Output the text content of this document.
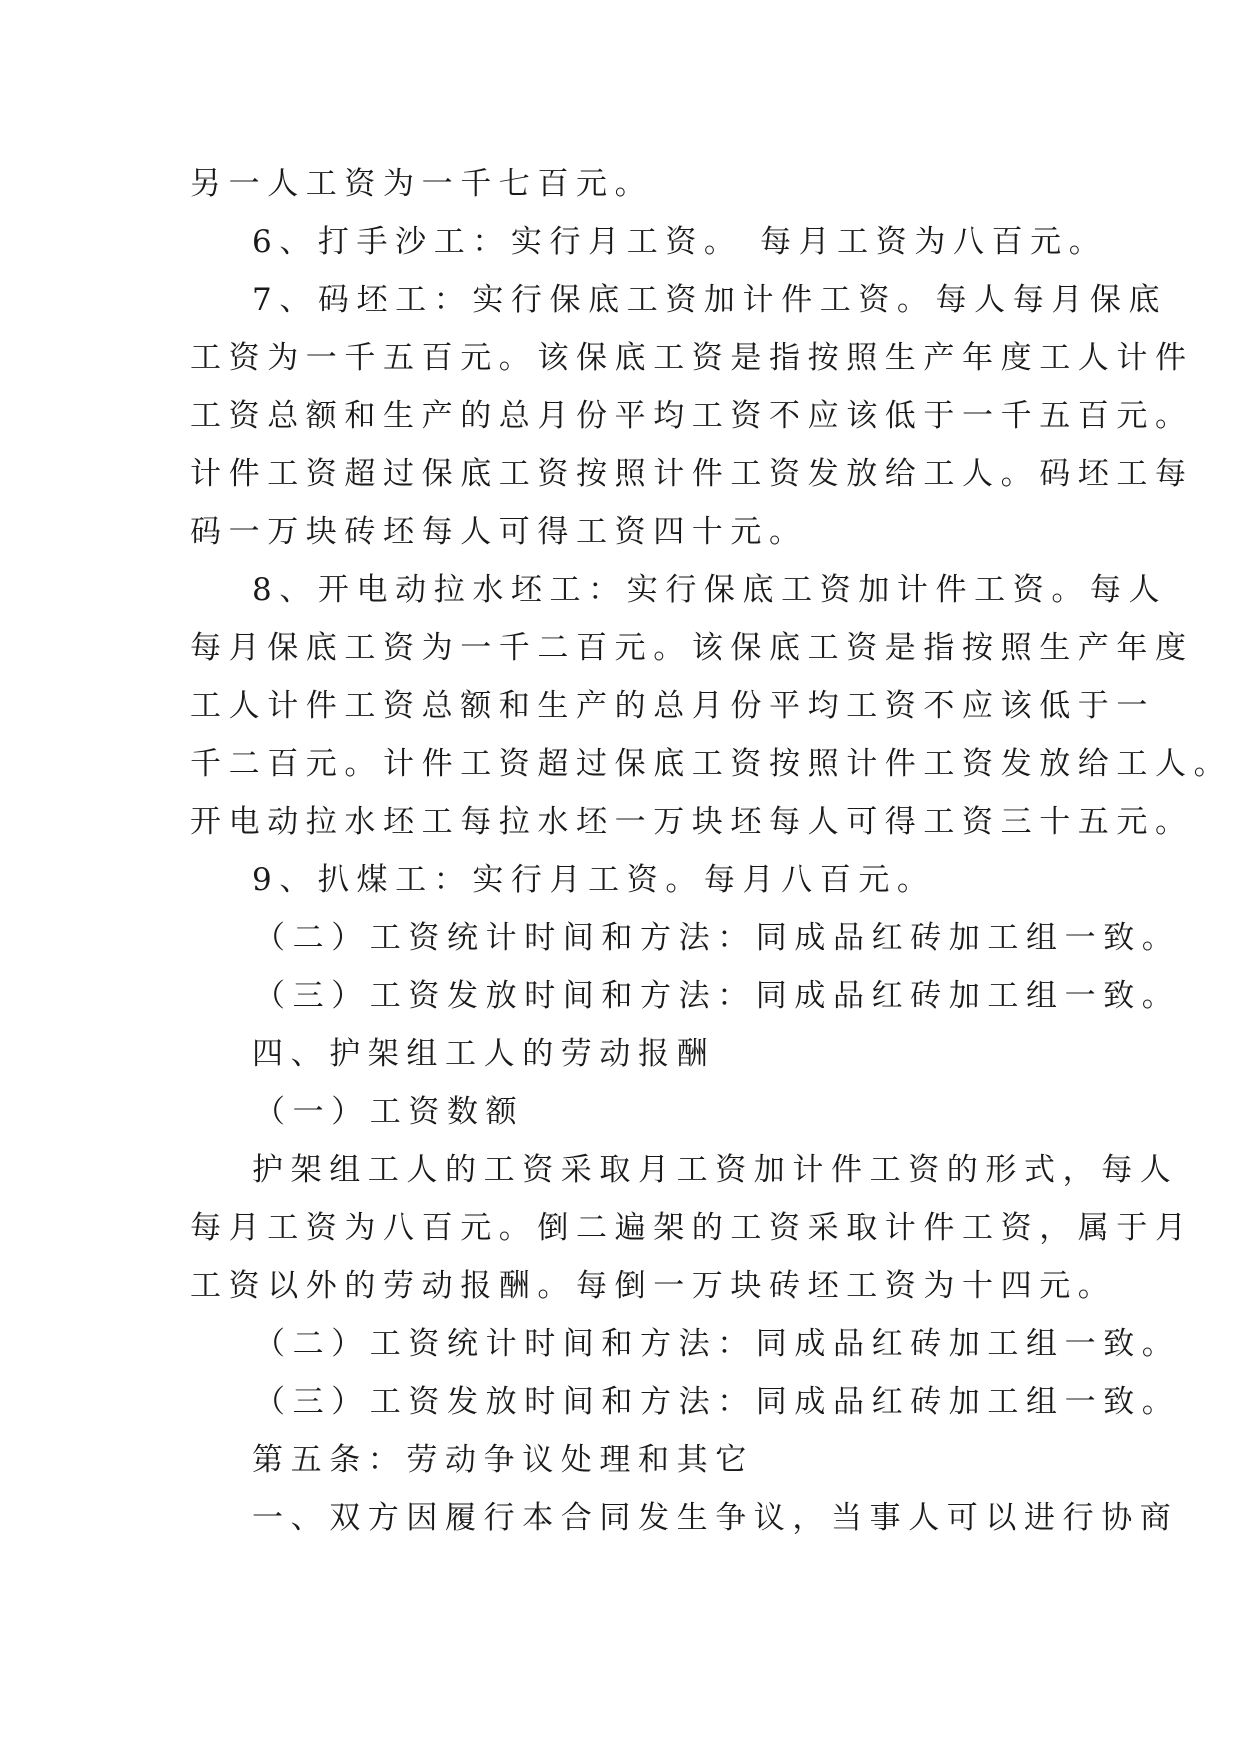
另一人工资为一千七百元。
6、打手沙工：实行月工资。 每月工资为八百元。
7、码坯工：实行保底工资加计件工资。每人每月保底
工资为一千五百元。该保底工资是指按照生产年度工人计件
工资总额和生产的总月份平均工资不应该低于一千五百元。
计件工资超过保底工资按照计件工资发放给工人。码坯工每
码一万块砖坯每人可得工资四十元。
8、开电动拉水坯工：实行保底工资加计件工资。每人
每月保底工资为一千二百元。该保底工资是指按照生产年度
工人计件工资总额和生产的总月份平均工资不应该低于一
千二百元。计件工资超过保底工资按照计件工资发放给工人。
开电动拉水坯工每拉水坯一万块坯每人可得工资三十五元。
9、扒煤工：实行月工资。每月八百元。
（二）工资统计时间和方法：同成品红砖加工组一致。
（三）工资发放时间和方法：同成品红砖加工组一致。
四、护架组工人的劳动报酬
（一）工资数额
护架组工人的工资采取月工资加计件工资的形式，每人
每月工资为八百元。倒二遍架的工资采取计件工资，属于月
工资以外的劳动报酬。每倒一万块砖坯工资为十四元。
（二）工资统计时间和方法：同成品红砖加工组一致。
（三）工资发放时间和方法：同成品红砖加工组一致。
第五条：劳动争议处理和其它
一、双方因履行本合同发生争议，当事人可以进行协商
